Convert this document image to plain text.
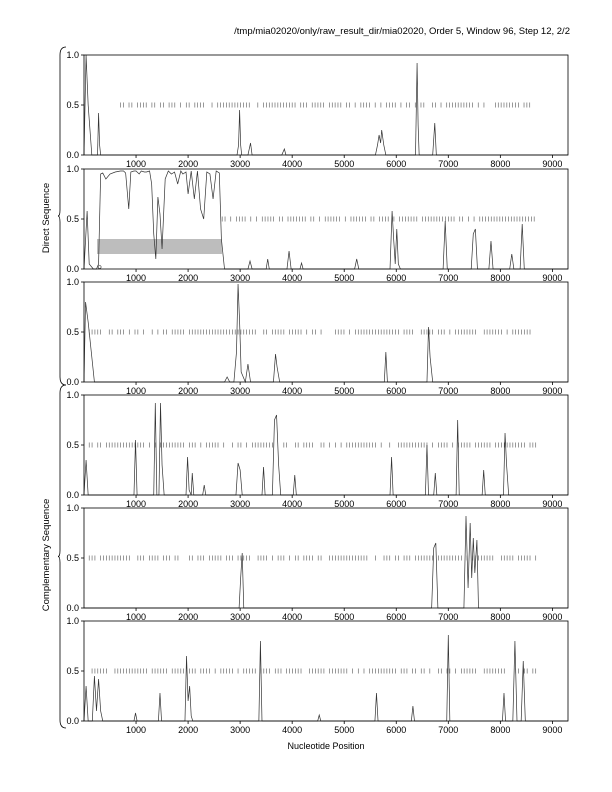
/tmp/mia02020/only/raw_result_dir/mia02020, Order 5, Window 96, Step 12, 2/2
0.0
0.5
1.0
1000	2000	3000	4000	5000	6000	7000	8000	9000
0.0
0.5
1.0
1000	2000	3000	4000	5000	6000	7000	8000	9000
0.0
0.5
1.0
1000	2000	3000	4000	5000	6000	7000	8000	9000
0.0
0.5
1.0
1000	2000	3000	4000	5000	6000	7000	8000	9000
0.0
0.5
1.0
1000	2000	3000	4000	5000	6000	7000	8000	9000
0.0
0.5
1.0
1000	2000	3000	4000	5000	6000	7000	8000	9000
Nucleotide Position
Direct Sequence
Complementary Sequence
